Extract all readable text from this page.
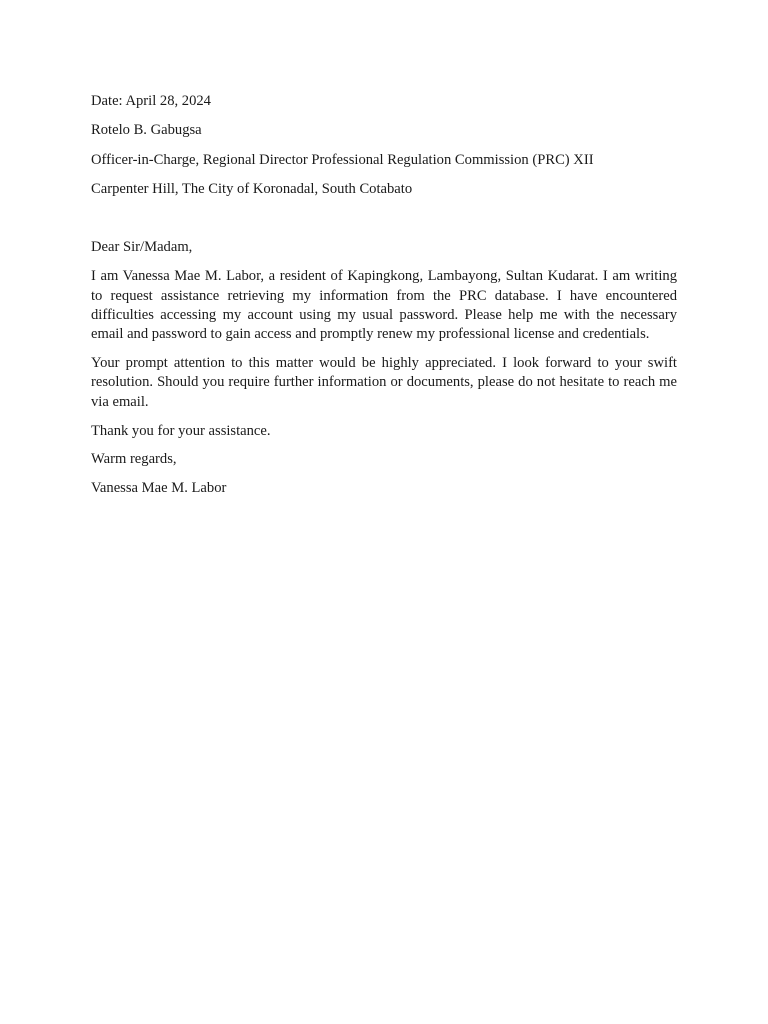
Date: April 28, 2024

Rotelo B. Gabugsa

Officer-in-Charge, Regional Director Professional Regulation Commission (PRC) XII

Carpenter Hill, The City of Koronadal, South Cotabato

Dear Sir/Madam,

I am Vanessa Mae M. Labor, a resident of Kapingkong, Lambayong, Sultan Kudarat. I am writing to request assistance retrieving my information from the PRC database. I have encountered difficulties accessing my account using my usual password. Please help me with the necessary email and password to gain access and promptly renew my professional license and credentials.

Your prompt attention to this matter would be highly appreciated. I look forward to your swift resolution. Should you require further information or documents, please do not hesitate to reach me via email.

Thank you for your assistance.

Warm regards,

Vanessa Mae M. Labor
